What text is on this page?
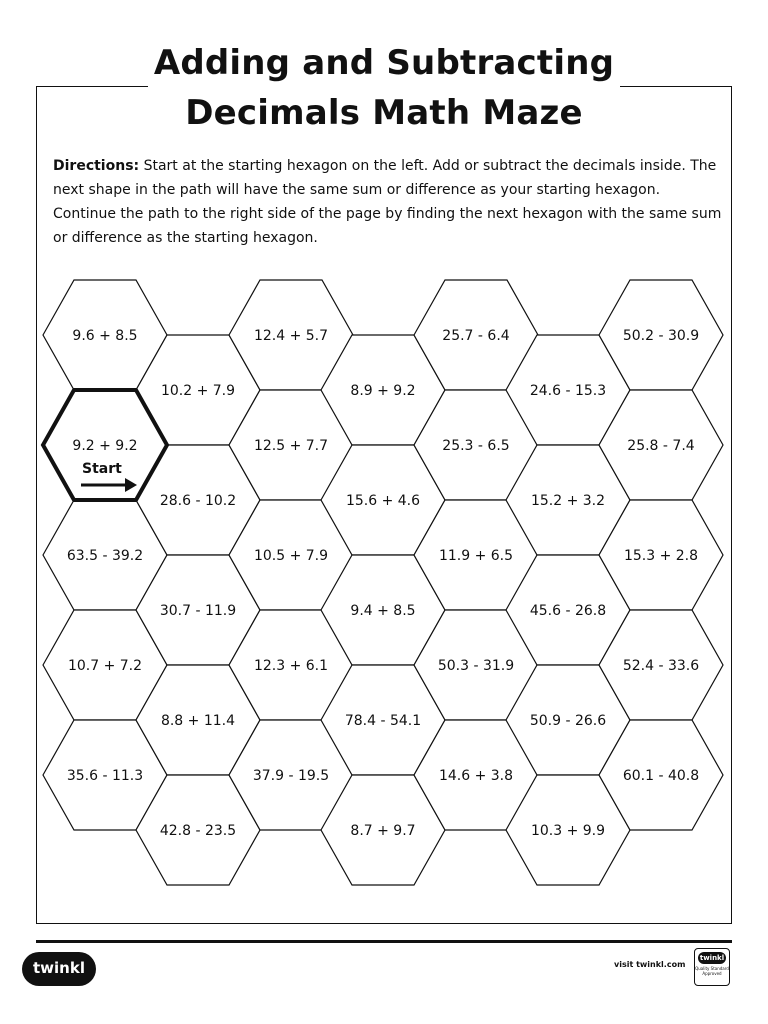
Adding and Subtracting
Decimals Math Maze
Directions: Start at the starting hexagon on the left. Add or subtract the decimals inside. The next shape in the path will have the same sum or difference as your starting hexagon. Continue the path to the right side of the page by finding the next hexagon with the same sum or difference as the starting hexagon.
9.6 + 8.5
63.5 - 39.2
10.7 + 7.2
35.6 - 11.3
10.2 + 7.9
28.6 - 10.2
30.7 - 11.9
8.8 + 11.4
42.8 - 23.5
12.4 + 5.7
12.5 + 7.7
10.5 + 7.9
12.3 + 6.1
37.9 - 19.5
8.9 + 9.2
15.6 + 4.6
9.4 + 8.5
78.4 - 54.1
8.7 + 9.7
25.7 - 6.4
25.3 - 6.5
11.9 + 6.5
50.3 - 31.9
14.6 + 3.8
24.6 - 15.3
15.2 + 3.2
45.6 - 26.8
50.9 - 26.6
10.3 + 9.9
50.2 - 30.9
25.8 - 7.4
15.3 + 2.8
52.4 - 33.6
60.1 - 40.8
9.2 + 9.2
Start
twinkl	visit twinkl.com
twinkl
Quality Standard Approved
